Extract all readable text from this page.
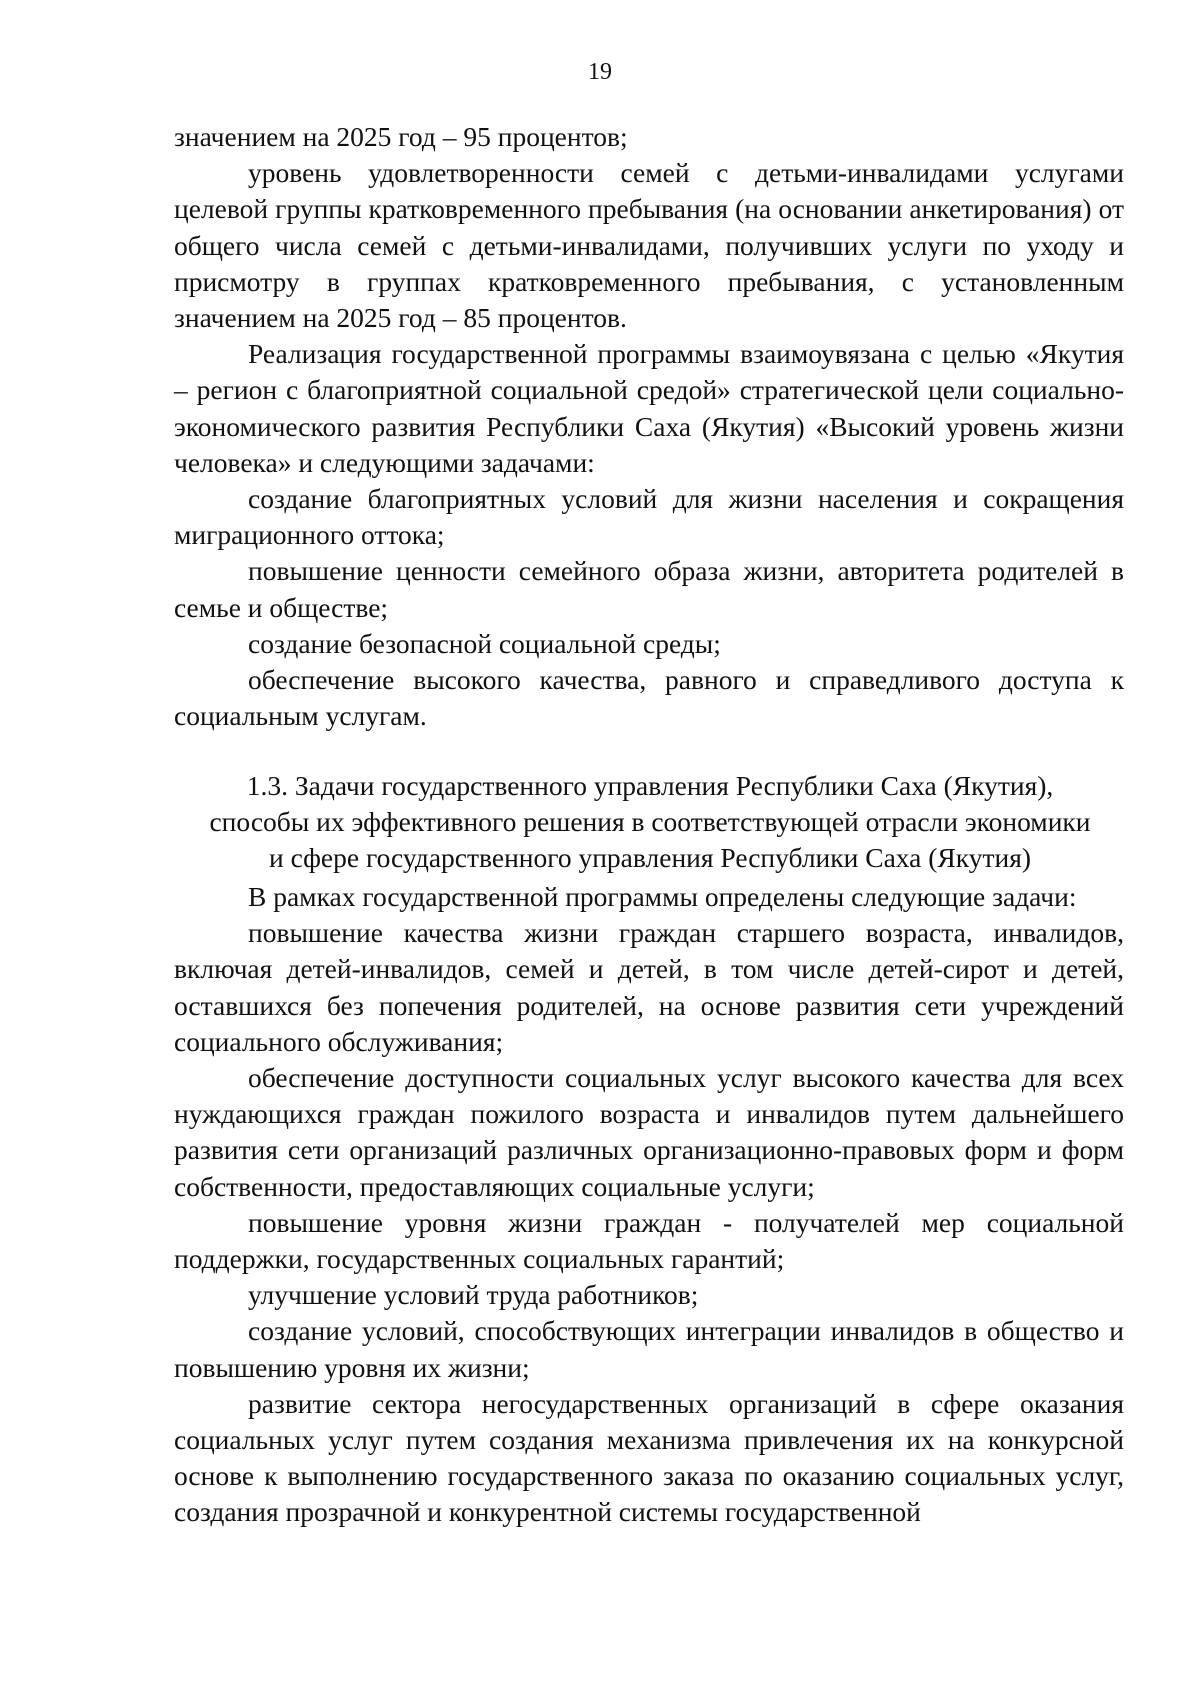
19

значением на 2025 год – 95 процентов;

уровень удовлетворенности семей с детьми-инвалидами услугами целевой группы кратковременного пребывания (на основании анкетирования) от общего числа семей с детьми-инвалидами, получивших услуги по уходу и присмотру в группах кратковременного пребывания, с установленным значением на 2025 год – 85 процентов.

Реализация государственной программы взаимоувязана с целью «Якутия – регион с благоприятной социальной средой» стратегической цели социально-экономического развития Республики Саха (Якутия) «Высокий уровень жизни человека» и следующими задачами:

создание благоприятных условий для жизни населения и сокращения миграционного оттока;

повышение ценности семейного образа жизни, авторитета родителей в семье и обществе;

создание безопасной социальной среды;

обеспечение высокого качества, равного и справедливого доступа к социальным услугам.

1.3. Задачи государственного управления Республики Саха (Якутия),
способы их эффективного решения в соответствующей отрасли экономики
и сфере государственного управления Республики Саха (Якутия)

В рамках государственной программы определены следующие задачи:

повышение качества жизни граждан старшего возраста, инвалидов, включая детей-инвалидов, семей и детей, в том числе детей-сирот и детей, оставшихся без попечения родителей, на основе развития сети учреждений социального обслуживания;

обеспечение доступности социальных услуг высокого качества для всех нуждающихся граждан пожилого возраста и инвалидов путем дальнейшего развития сети организаций различных организационно-правовых форм и форм собственности, предоставляющих социальные услуги;

повышение уровня жизни граждан - получателей мер социальной поддержки, государственных социальных гарантий;

улучшение условий труда работников;

создание условий, способствующих интеграции инвалидов в общество и повышению уровня их жизни;

развитие сектора негосударственных организаций в сфере оказания социальных услуг путем создания механизма привлечения их на конкурсной основе к выполнению государственного заказа по оказанию социальных услуг, создания прозрачной и конкурентной системы государственной
